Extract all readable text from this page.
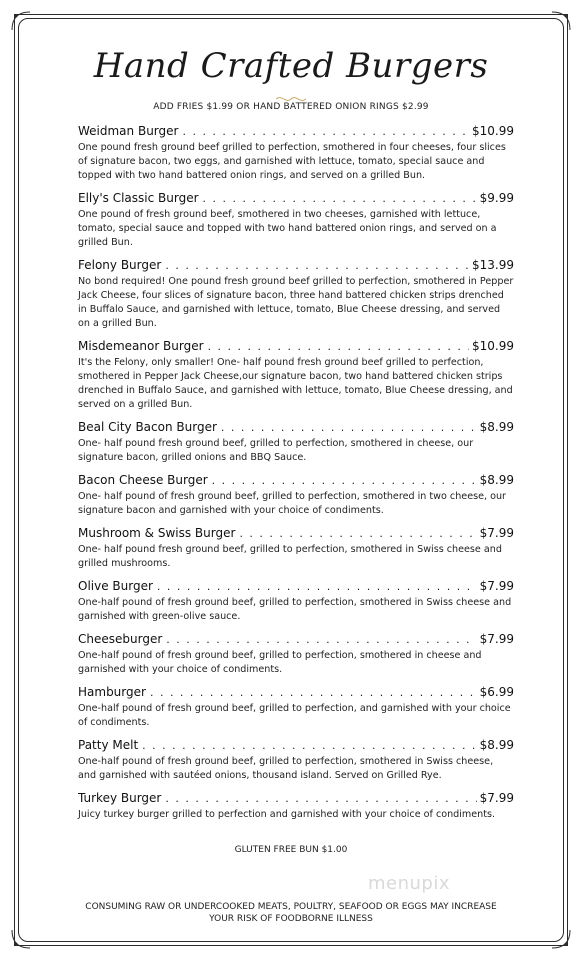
Hand Crafted Burgers
ADD FRIES $1.99 OR HAND BATTERED ONION RINGS $2.99
Weidman Burger . . .	$10.99
One pound fresh ground beef grilled to perfection, smothered in four cheeses, four slices of signature bacon, two eggs, and garnished with lettuce, tomato, special sauce and topped with two hand battered onion rings, and served on a grilled Bun.
Elly's Classic Burger . . .	$9.99
One pound of fresh ground beef, smothered in two cheeses, garnished with lettuce, tomato, special sauce and topped with two hand battered onion rings, and served on a grilled Bun.
Felony Burger . . .	$13.99
No bond required! One pound fresh ground beef grilled to perfection, smothered in Pepper Jack Cheese, four slices of signature bacon, three hand battered chicken strips drenched in Buffalo Sauce, and garnished with lettuce, tomato, Blue Cheese dressing, and served on a grilled Bun.
Misdemeanor Burger . . .	$10.99
It's the Felony, only smaller! One- half pound fresh ground beef grilled to perfection, smothered in Pepper Jack Cheese,our signature bacon, two hand battered chicken strips drenched in Buffalo Sauce, and garnished with lettuce, tomato, Blue Cheese dressing, and served on a grilled Bun.
Beal City Bacon Burger . . .	$8.99
One- half pound fresh ground beef, grilled to perfection, smothered in cheese, our signature bacon, grilled onions and BBQ Sauce.
Bacon Cheese Burger . . .	$8.99
One- half pound of fresh ground beef, grilled to perfection, smothered in two cheese, our signature bacon and garnished with your choice of condiments.
Mushroom & Swiss Burger . . .	$7.99
One- half pound fresh ground beef, grilled to perfection, smothered in Swiss cheese and grilled mushrooms.
Olive Burger . . .	$7.99
One-half pound of fresh ground beef, grilled to perfection, smothered in Swiss cheese and garnished with green-olive sauce.
Cheeseburger . . .	$7.99
One-half pound of fresh ground beef, grilled to perfection, smothered in cheese and garnished with your choice of condiments.
Hamburger . . .	$6.99
One-half pound of fresh ground beef, grilled to perfection, and garnished with your choice of condiments.
Patty Melt . . .	$8.99
One-half pound of fresh ground beef, grilled to perfection, smothered in Swiss cheese, and garnished with sautéed onions, thousand island. Served on Grilled Rye.
Turkey Burger . . .	$7.99
Juicy turkey burger grilled to perfection and garnished with your choice of condiments.
GLUTEN FREE BUN $1.00
menupix
CONSUMING RAW OR UNDERCOOKED MEATS, POULTRY, SEAFOOD OR EGGS MAY INCREASE
YOUR RISK OF FOODBORNE ILLNESS
